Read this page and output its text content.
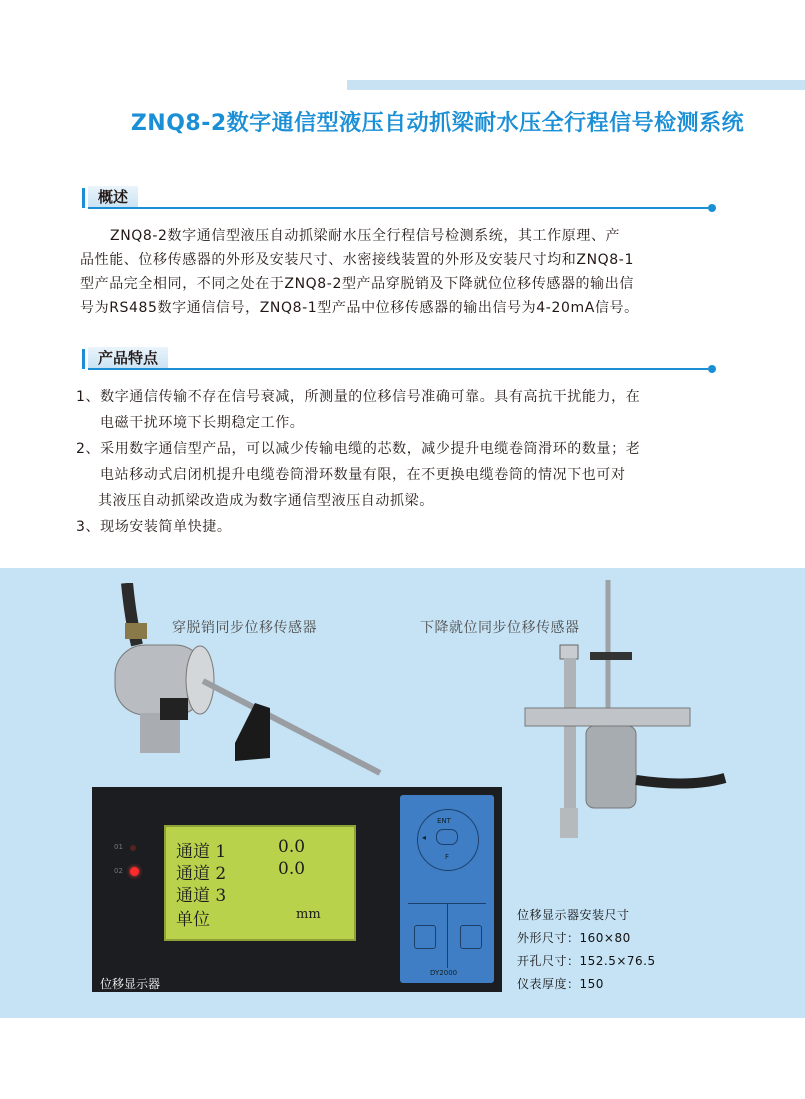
ZNQ8-2数字通信型液压自动抓梁耐水压全行程信号检测系统
概述
ZNQ8-2数字通信型液压自动抓梁耐水压全行程信号检测系统，其工作原理、产
品性能、位移传感器的外形及安装尺寸、水密接线装置的外形及安装尺寸均和ZNQ8-1
型产品完全相同，不同之处在于ZNQ8-2型产品穿脱销及下降就位位移传感器的输出信
号为RS485数字通信信号，ZNQ8-1型产品中位移传感器的输出信号为4-20mA信号。
产品特点
1、数字通信传输不存在信号衰减，所测量的位移信号准确可靠。具有高抗干扰能力，在
电磁干扰环境下长期稳定工作。
2、采用数字通信型产品，可以减少传输电缆的芯数，减少提升电缆卷筒滑环的数量；老
电站移动式启闭机提升电缆卷筒滑环数量有限，在不更换电缆卷筒的情况下也可对
其液压自动抓梁改造成为数字通信型液压自动抓梁。
3、现场安装简单快捷。
穿脱销同步位移传感器	下降就位同步位移传感器
01
02
通道 1	0.0
通道 2	0.0
通道 3
单位	mm
ENT
◂
F
DY2000
位移显示器
位移显示器安装尺寸
外形尺寸：160×80
开孔尺寸：152.5×76.5
仪表厚度：150
